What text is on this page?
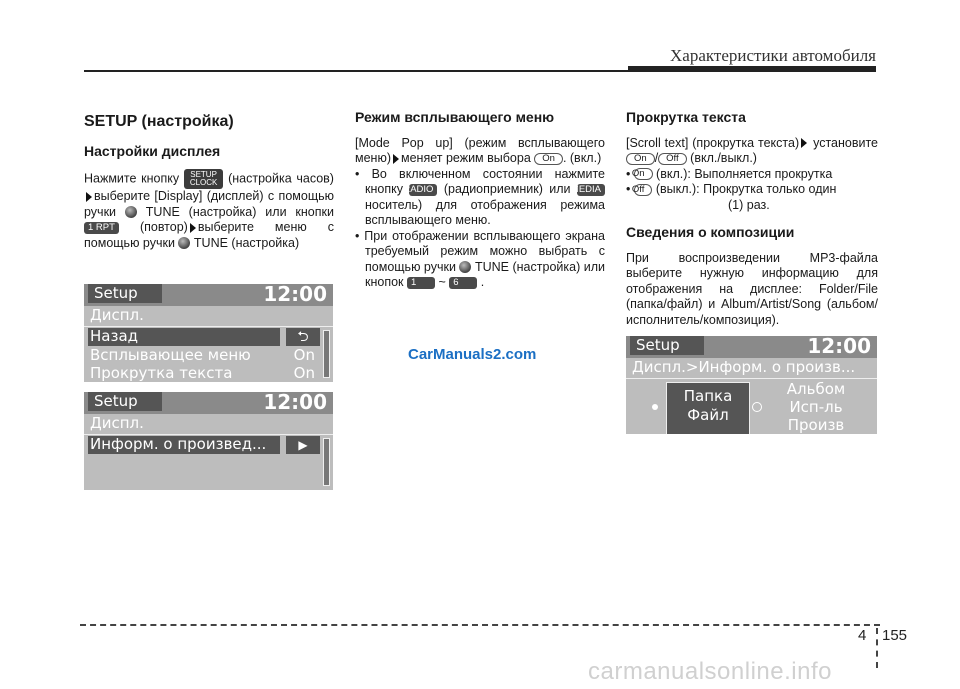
Характеристики автомобиля
SETUP (настройка)
Настройки дисплея

Нажмите кнопку SETUP
CLOCK (настройка часов) выберите [Display] (дисплей) с помощью ручки TUNE (настройка) или кнопки 1 RPT (повтор) выберите меню с помощью ручки TUNE (настройка)

Setup	12:00
Диспл.
Назад	⮌
Всплывающее меню	On
Прокрутка текста	On
Setup	12:00
Диспл.
Информ. о произвед...	▶
Режим всплывающего меню

[Mode Pop up] (режим всплывающего меню) меняет режим выбора On . (вкл.)

• Во включенном состоянии нажмите кнопку RADIO (радиоприемник) или MEDIA носитель) для отображения режима всплывающего меню.

• При отображении всплывающего экрана требуемый режим можно выбрать с помощью ручки TUNE (настройка) или кнопок 1 ~ 6 .

CarManuals2.com
Прокрутка текста

[Scroll text] (прокрутка текста) установите On / Off (вкл./выкл.)

• On (вкл.): Выполняется прокрутка

• Off (выкл.): Прокрутка только один
(1) раз.

Сведения о композиции

При воспроизведении MP3-файла выберите нужную информацию для отображения на дисплее: Folder/File (папка/файл) и Album/Artist/Song (альбом/исполнитель/композиция).

Setup	12:00
Диспл.>Информ. о произв...
Папка
Файл
Альбом
Исп-ль
Произв
4 155
carmanualsonline.info
